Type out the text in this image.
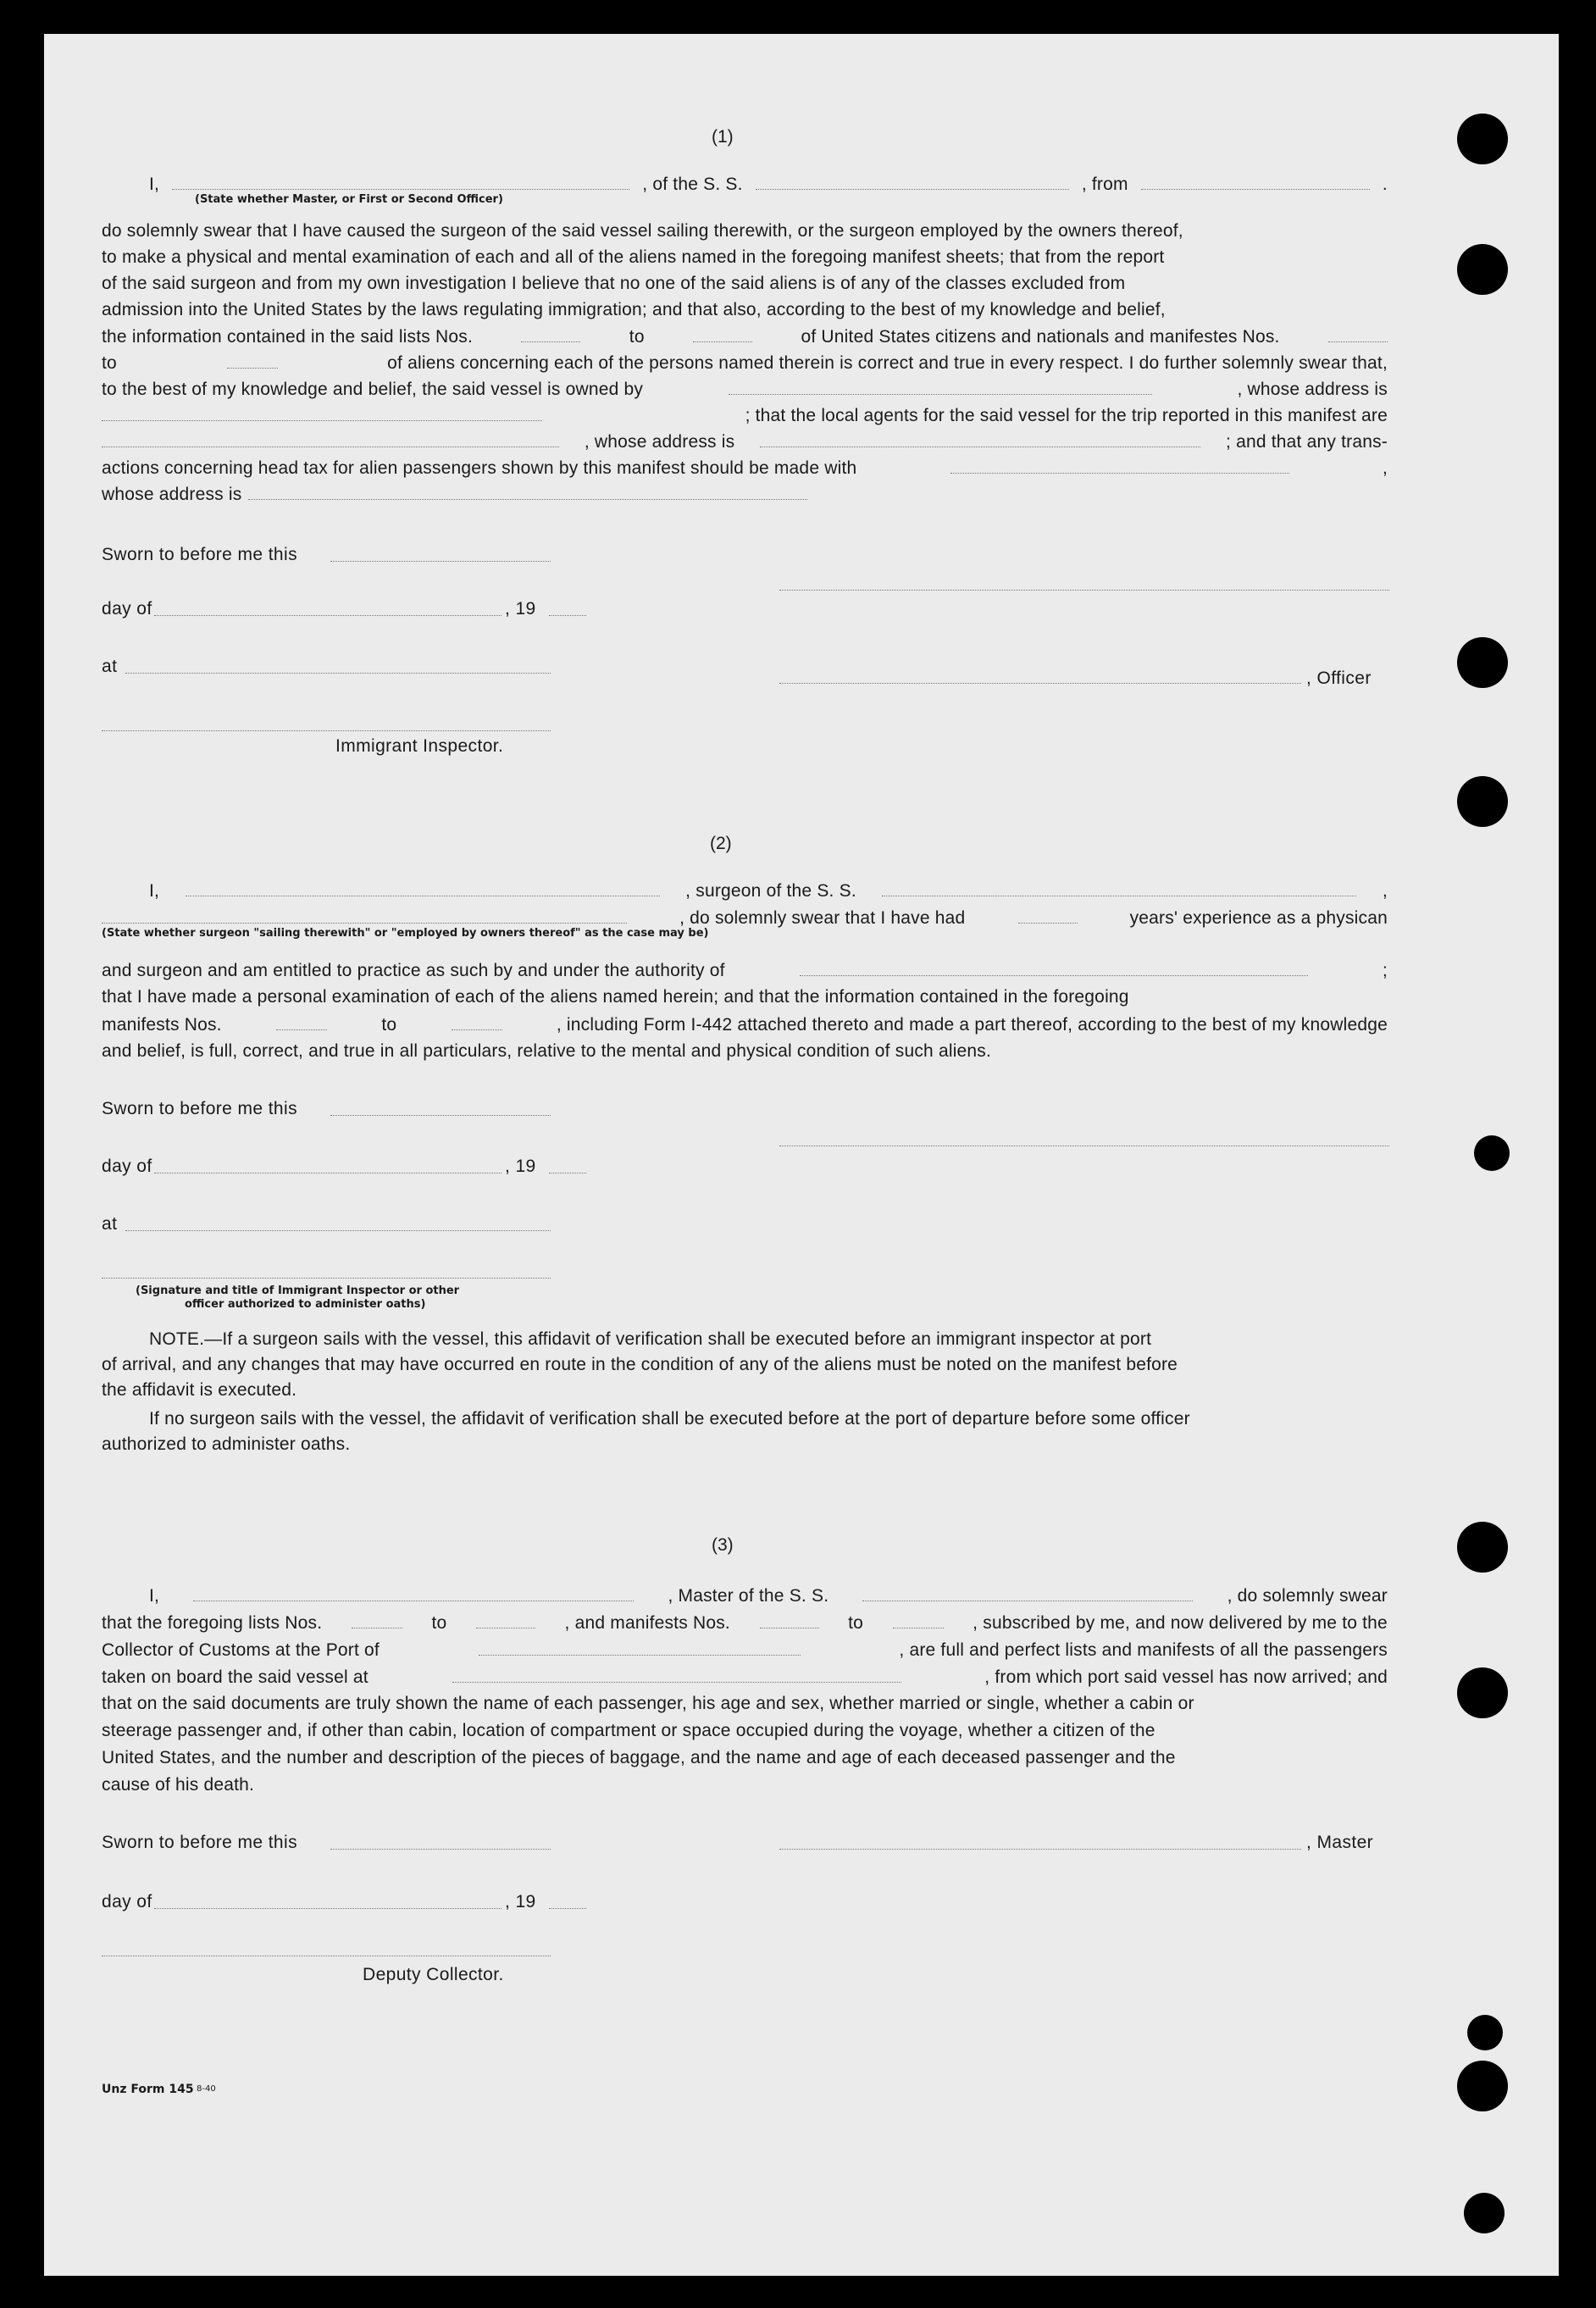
(1)
I,	, of the S. S.	, from	.
(State whether Master, or First or Second Officer)
do solemnly swear that I have caused the surgeon of the said vessel sailing therewith, or the surgeon employed by the owners thereof,
to make a physical and mental examination of each and all of the aliens named in the foregoing manifest sheets; that from the report
of the said surgeon and from my own investigation I believe that no one of the said aliens is of any of the classes excluded from
admission into the United States by the laws regulating immigration; and that also, according to the best of my knowledge and belief,
the information contained in the said lists Nos.	to	of United States citizens and nationals and manifestes Nos.
to	of aliens concerning each of the persons named therein is correct and true in every respect. I do further solemnly swear that,
to the best of my knowledge and belief, the said vessel is owned by	, whose address is
; that the local agents for the said vessel for the trip reported in this manifest are
, whose address is	; and that any trans-
actions concerning head tax for alien passengers shown by this manifest should be made with	,
whose address is
Sworn to before me this
day of	, 19
at
, Officer
Immigrant Inspector.
(2)
I,	, surgeon of the S. S.	,
, do solemnly swear that I have had	years' experience as a physican
(State whether surgeon "sailing therewith" or "employed by owners thereof" as the case may be)
and surgeon and am entitled to practice as such by and under the authority of	;
that I have made a personal examination of each of the aliens named herein; and that the information contained in the foregoing
manifests Nos.	to	, including Form I-442 attached thereto and made a part thereof, according to the best of my knowledge
and belief, is full, correct, and true in all particulars, relative to the mental and physical condition of such aliens.
Sworn to before me this
day of	, 19
at
(Signature and title of Immigrant Inspector or other
officer authorized to administer oaths)
NOTE.—If a surgeon sails with the vessel, this affidavit of verification shall be executed before an immigrant inspector at port
of arrival, and any changes that may have occurred en route in the condition of any of the aliens must be noted on the manifest before
the affidavit is executed.
If no surgeon sails with the vessel, the affidavit of verification shall be executed before at the port of departure before some officer
authorized to administer oaths.
(3)
I,	, Master of the S. S.	, do solemnly swear
that the foregoing lists Nos.	to	, and manifests Nos.	to	, subscribed by me, and now delivered by me to the
Collector of Customs at the Port of	, are full and perfect lists and manifests of all the passengers
taken on board the said vessel at	, from which port said vessel has now arrived; and
that on the said documents are truly shown the name of each passenger, his age and sex, whether married or single, whether a cabin or
steerage passenger and, if other than cabin, location of compartment or space occupied during the voyage, whether a citizen of the
United States, and the number and description of the pieces of baggage, and the name and age of each deceased passenger and the
cause of his death.
Sworn to before me this	, Master
day of	, 19
Deputy Collector.
Unz Form 145 8-40
